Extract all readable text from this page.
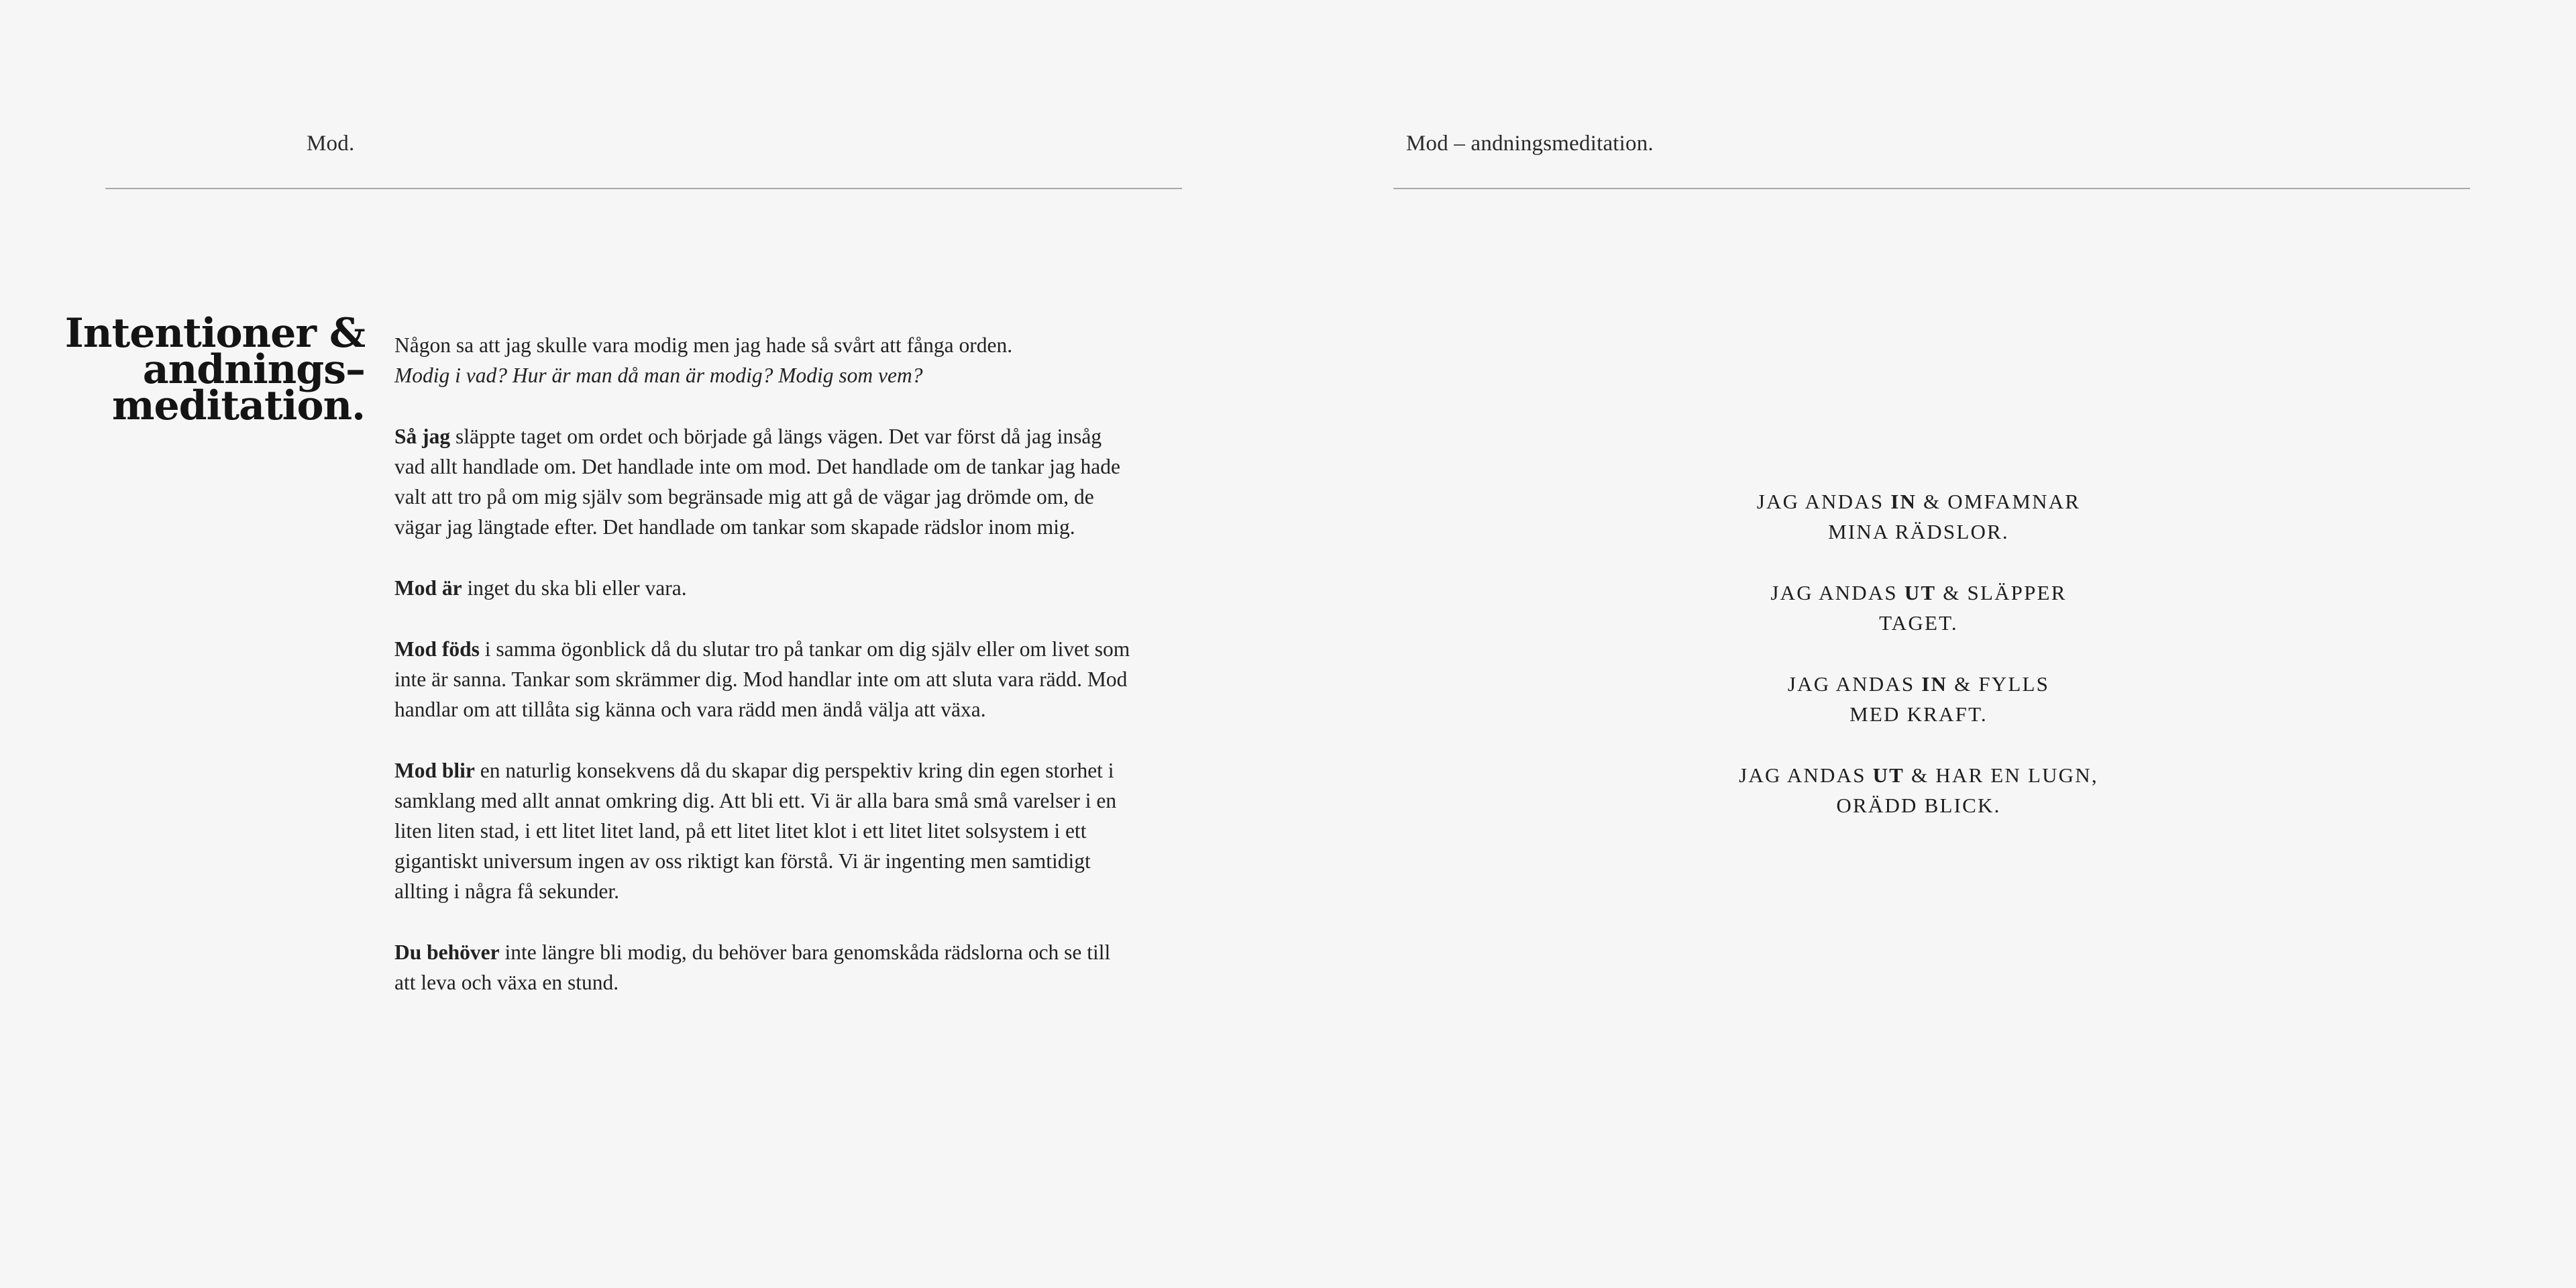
Mod.
Intentioner &
andnings–
meditation.

Någon sa att jag skulle vara modig men jag hade så svårt att fånga orden.
Modig i vad? Hur är man då man är modig? Modig som vem?

Så jag släppte taget om ordet och började gå längs vägen. Det var först då jag insåg vad allt handlade om. Det handlade inte om mod. Det handlade om de tankar jag hade valt att tro på om mig själv som begränsade mig att gå de vägar jag drömde om, de vägar jag längtade efter. Det handlade om tankar som skapade rädslor inom mig.

Mod är inget du ska bli eller vara.

Mod föds i samma ögonblick då du slutar tro på tankar om dig själv eller om livet som inte är sanna. Tankar som skrämmer dig. Mod handlar inte om att sluta vara rädd. Mod handlar om att tillåta sig känna och vara rädd men ändå välja att växa.

Mod blir en naturlig konsekvens då du skapar dig perspektiv kring din egen storhet i samklang med allt annat omkring dig. Att bli ett. Vi är alla bara små små varelser i en liten liten stad, i ett litet litet land, på ett litet litet klot i ett litet litet solsystem i ett gigantiskt universum ingen av oss riktigt kan förstå. Vi är ingenting men samtidigt allting i några få sekunder.

Du behöver inte längre bli modig, du behöver bara genomskåda rädslorna och se till att leva och växa en stund.

Mod – andningsmeditation.
JAG ANDAS IN & OMFAMNAR
MINA RÄDSLOR.
JAG ANDAS UT & SLÄPPER
TAGET.
JAG ANDAS IN & FYLLS
MED KRAFT.
JAG ANDAS UT & HAR EN LUGN,
ORÄDD BLICK.
